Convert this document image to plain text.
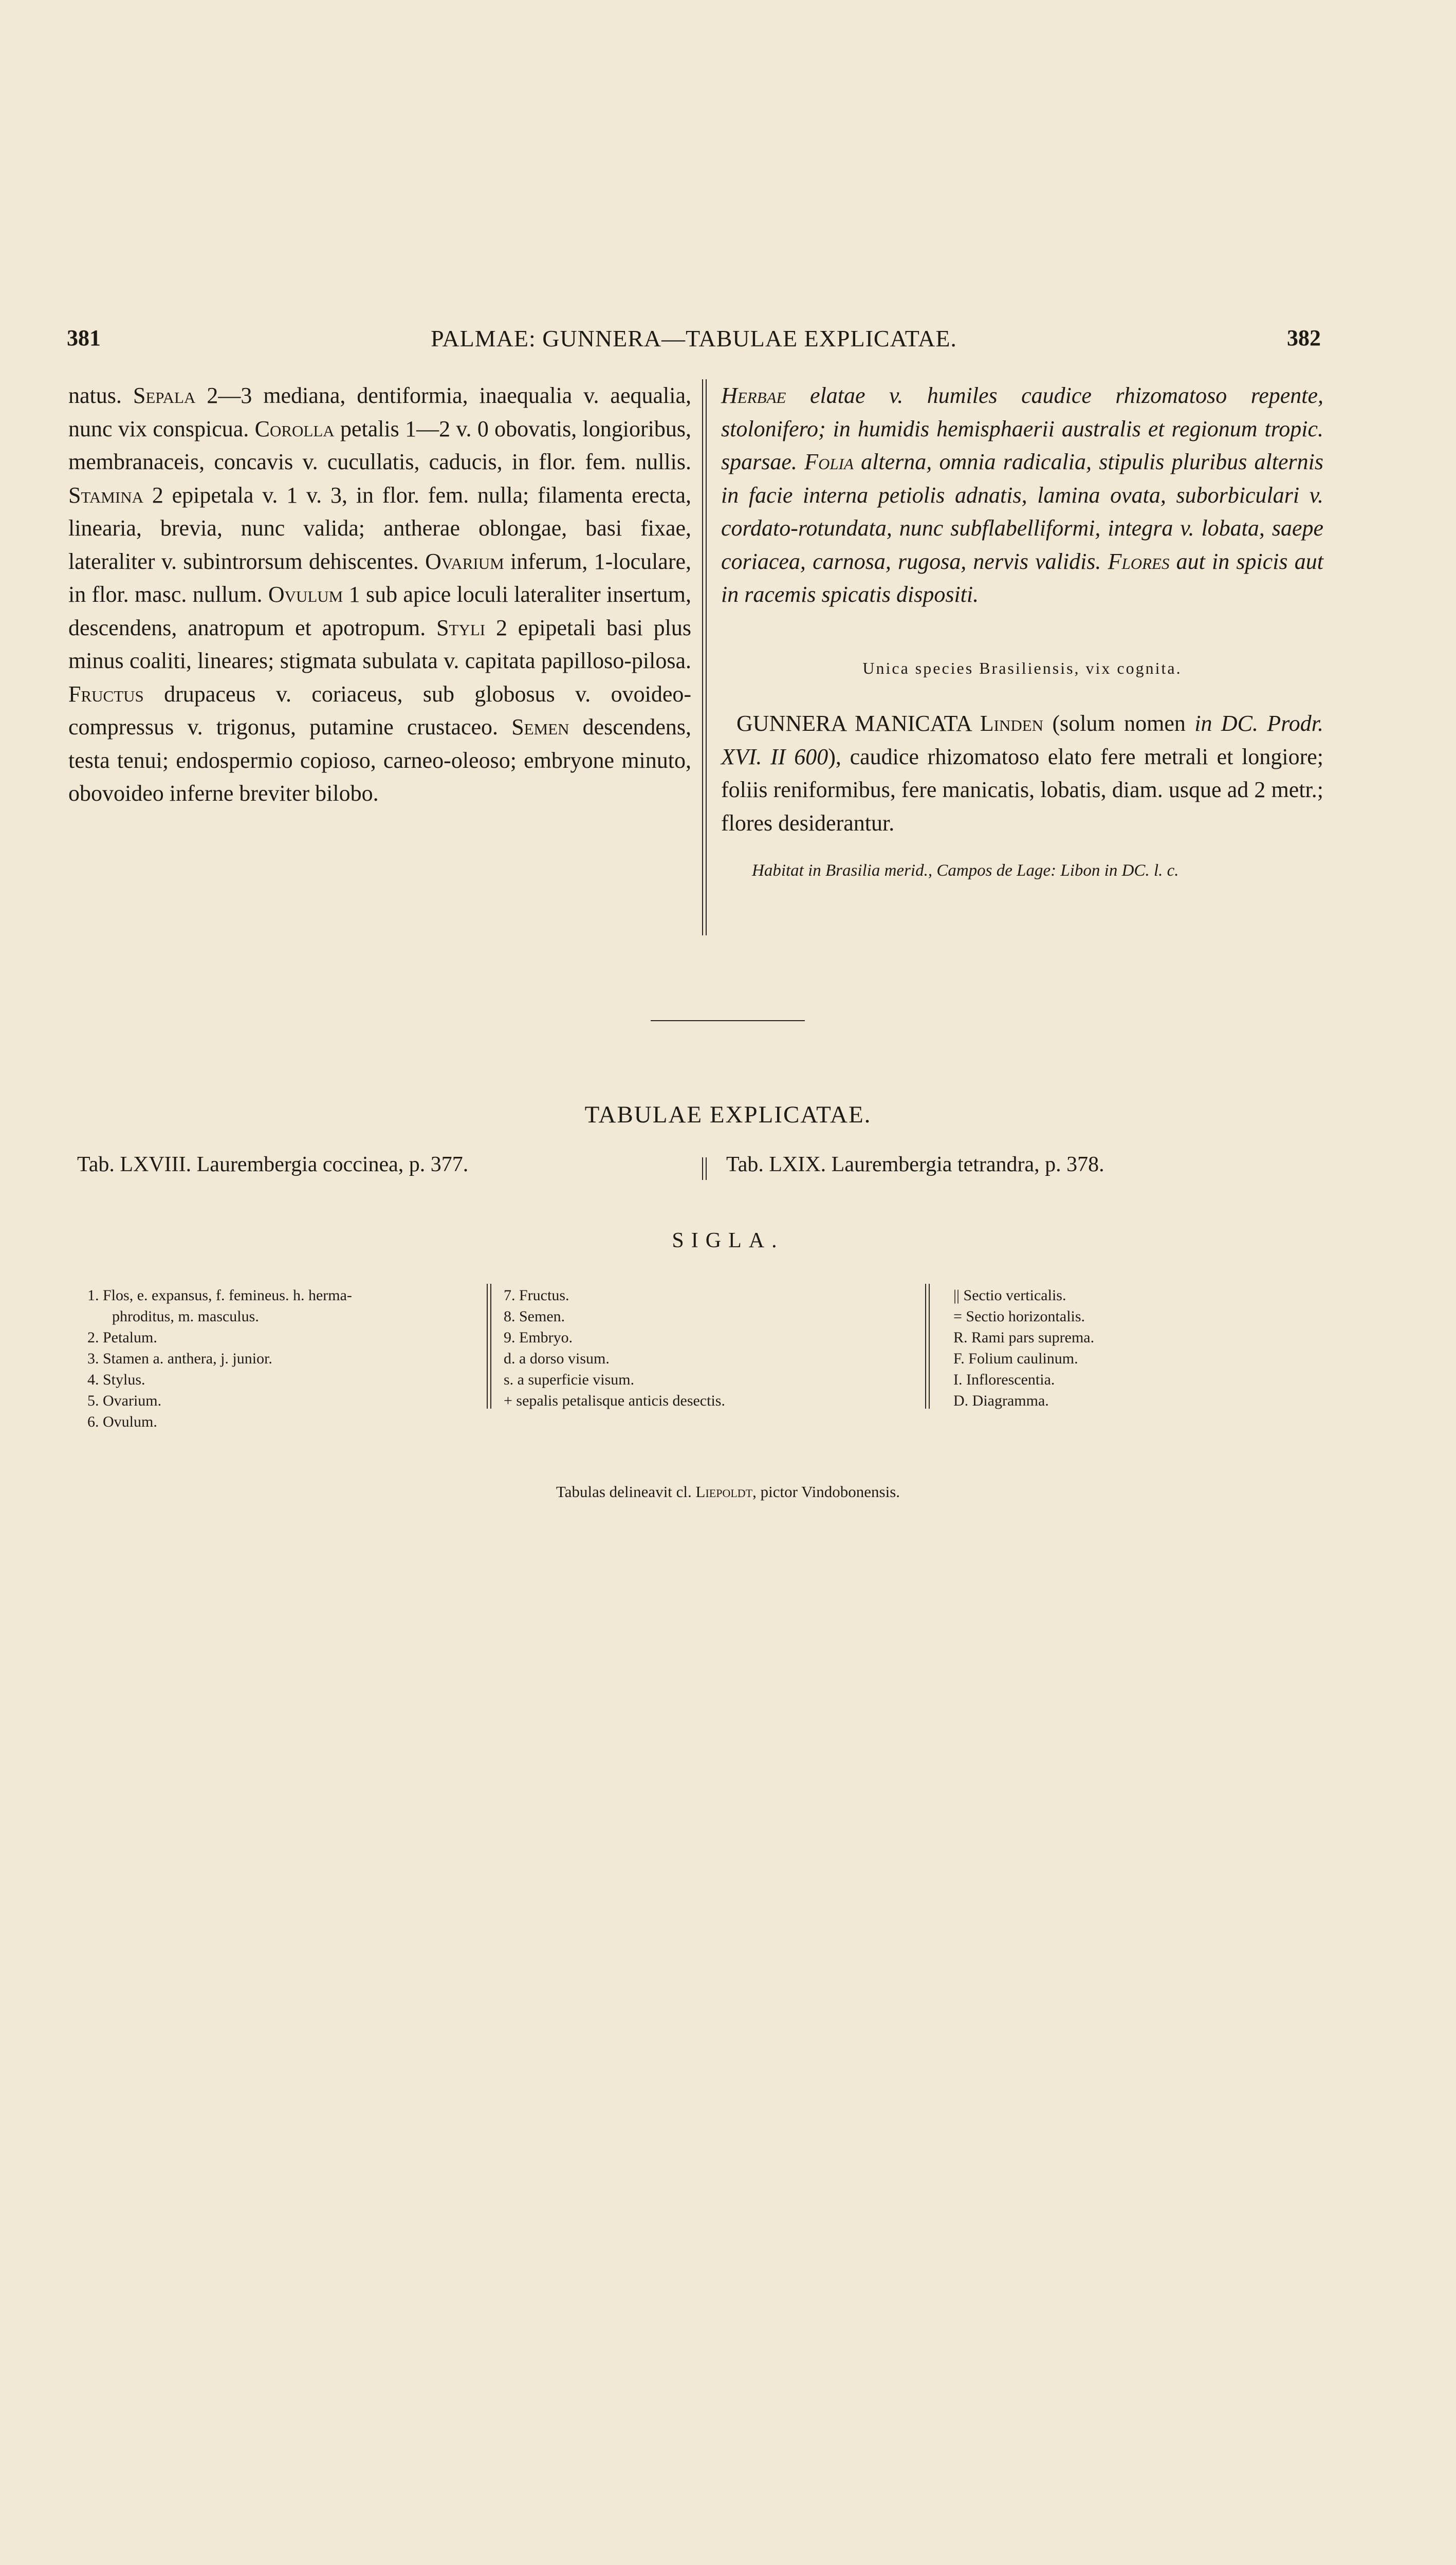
381	PALMAE: GUNNERA—TABULAE EXPLICATAE.	382

natus. Sepala 2—3 mediana, dentiformia, inaequalia v. aequalia, nunc vix conspicua. Corolla petalis 1—2 v. 0 obovatis, longioribus, membranaceis, concavis v. cucullatis, caducis, in flor. fem. nullis. Stamina 2 epipetala v. 1 v. 3, in flor. fem. nulla; filamenta erecta, linearia, brevia, nunc valida; antherae oblongae, basi fixae, lateraliter v. subintrorsum dehiscentes. Ovarium inferum, 1-loculare, in flor. masc. nullum. Ovulum 1 sub apice loculi lateraliter insertum, descendens, anatropum et apotropum. Styli 2 epipetali basi plus minus coaliti, lineares; stigmata subulata v. capitata papilloso-pilosa. Fructus drupaceus v. coriaceus, sub globosus v. ovoideo-compressus v. trigonus, putamine crustaceo. Semen descendens, testa tenui; endospermio copioso, carneo-oleoso; embryone minuto, obovoideo inferne breviter bilobo.

Herbae elatae v. humiles caudice rhizomatoso repente, stolonifero; in humidis hemisphaerii australis et regionum tropic. sparsae. Folia alterna, omnia radicalia, stipulis pluribus alternis in facie interna petiolis adnatis, lamina ovata, suborbiculari v. cordato-rotundata, nunc subflabelliformi, integra v. lobata, saepe coriacea, carnosa, rugosa, nervis validis. Flores aut in spicis aut in racemis spicatis dispositi.

Unica species Brasiliensis, vix cognita.

GUNNERA MANICATA Linden (solum nomen in DC. Prodr. XVI. II 600), caudice rhizomatoso elato fere metrali et longiore; foliis reniformibus, fere manicatis, lobatis, diam. usque ad 2 metr.; flores desiderantur.

Habitat in Brasilia merid., Campos de Lage: Libon in DC. l. c.

TABULAE EXPLICATAE.
Tab. LXVIII. Laurembergia coccinea, p. 377.	Tab. LXIX. Laurembergia tetrandra, p. 378.
SIGLA.
1. Flos, e. expansus, f. femineus. h. herma-
phroditus, m. masculus.
2. Petalum.
3. Stamen a. anthera, j. junior.
4. Stylus.
5. Ovarium.
6. Ovulum.
7. Fructus.
8. Semen.
9. Embryo.
d. a dorso visum.
s. a superficie visum.
+ sepalis petalisque anticis desectis.
|| Sectio verticalis.
= Sectio horizontalis.
R. Rami pars suprema.
F. Folium caulinum.
I. Inflorescentia.
D. Diagramma.
Tabulas delineavit cl. Liepoldt, pictor Vindobonensis.
